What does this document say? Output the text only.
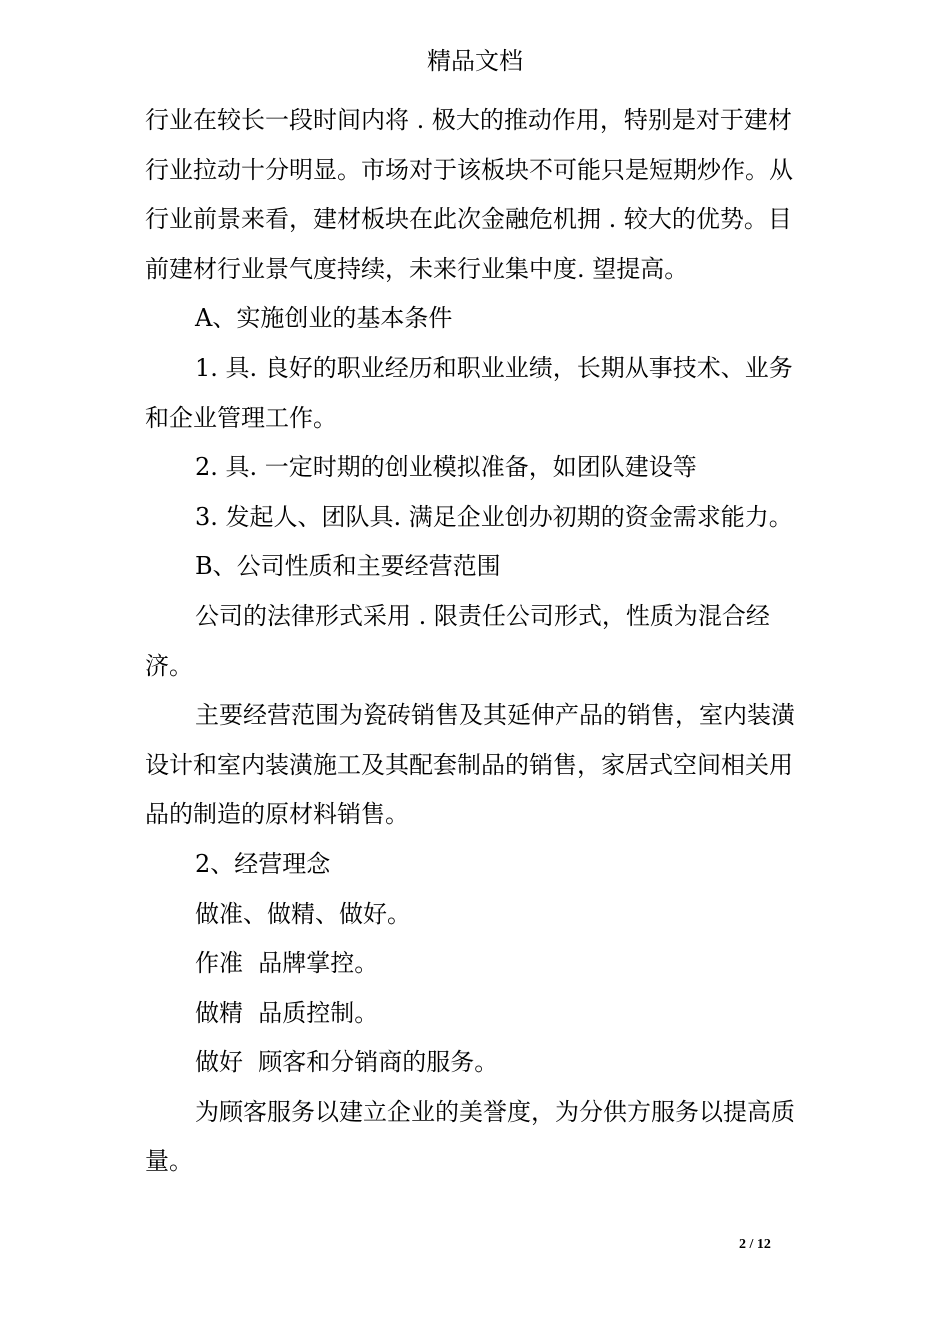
精品文档

行业在较长一段时间内将 . 极大的推动作用，特别是对于建材行业拉动十分明显。市场对于该板块不可能只是短期炒作。从行业前景来看，建材板块在此次金融危机拥 . 较大的优势。目前建材行业景气度持续，未来行业集中度. 望提高。

A、实施创业的基本条件

1. 具. 良好的职业经历和职业业绩，长期从事技术、业务和企业管理工作。

2. 具. 一定时期的创业模拟准备，如团队建设等

3. 发起人、团队具. 满足企业创办初期的资金需求能力。

B、公司性质和主要经营范围

公司的法律形式采用 . 限责任公司形式，性质为混合经济。

主要经营范围为瓷砖销售及其延伸产品的销售，室内装潢设计和室内装潢施工及其配套制品的销售，家居式空间相关用品的制造的原材料销售。

2、经营理念

做准、做精、做好。

作准  品牌掌控。

做精  品质控制。

做好  顾客和分销商的服务。

为顾客服务以建立企业的美誉度，为分供方服务以提高质量。

2 / 12
